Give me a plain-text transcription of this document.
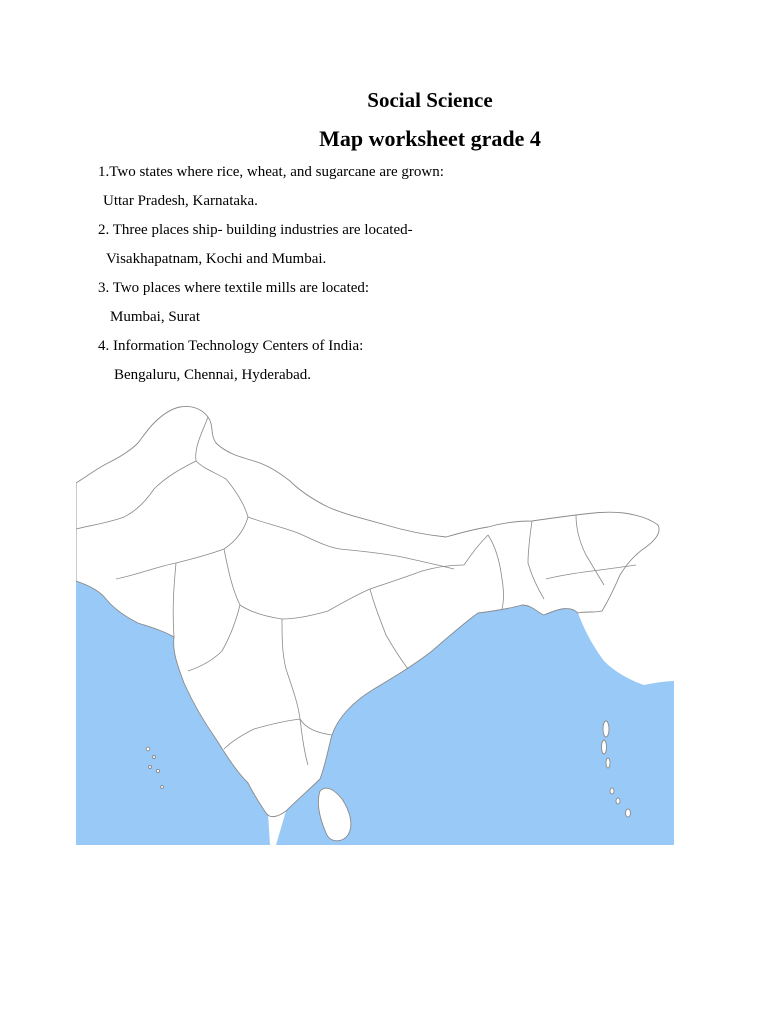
Social Science
Map worksheet grade 4
1.Two states where rice, wheat, and sugarcane are grown:
Uttar Pradesh, Karnataka.
2. Three places ship- building industries are located-
Visakhapatnam, Kochi and Mumbai.
3. Two places where textile mills are located:
Mumbai, Surat
4. Information Technology Centers of India:
Bengaluru, Chennai, Hyderabad.
